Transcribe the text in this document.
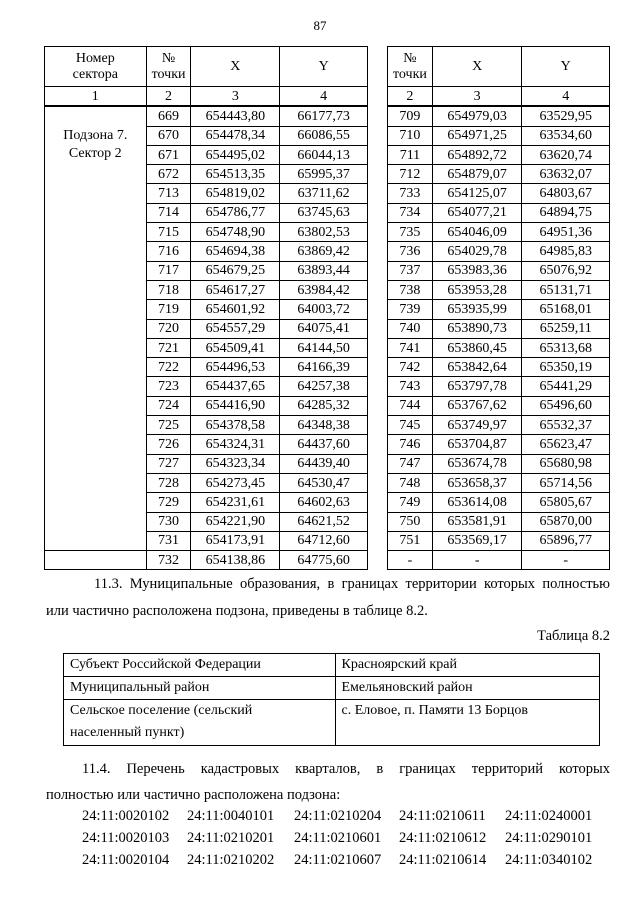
87
Номер
сектора	№
точки	X	Y
1	2	3	4
Подзона 7.
Сектор 2	669	654443,80	66177,73
	670	654478,34	66086,55
	671	654495,02	66044,13
	672	654513,35	65995,37
	713	654819,02	63711,62
	714	654786,77	63745,63
	715	654748,90	63802,53
	716	654694,38	63869,42
	717	654679,25	63893,44
	718	654617,27	63984,42
	719	654601,92	64003,72
	720	654557,29	64075,41
	721	654509,41	64144,50
	722	654496,53	64166,39
	723	654437,65	64257,38
	724	654416,90	64285,32
	725	654378,58	64348,38
	726	654324,31	64437,60
	727	654323,34	64439,40
	728	654273,45	64530,47
	729	654231,61	64602,63
	730	654221,90	64621,52
	731	654173,91	64712,60
	732	654138,86	64775,60
№
точки	X	Y
2	3	4
709	654979,03	63529,95
710	654971,25	63534,60
711	654892,72	63620,74
712	654879,07	63632,07
733	654125,07	64803,67
734	654077,21	64894,75
735	654046,09	64951,36
736	654029,78	64985,83
737	653983,36	65076,92
738	653953,28	65131,71
739	653935,99	65168,01
740	653890,73	65259,11
741	653860,45	65313,68
742	653842,64	65350,19
743	653797,78	65441,29
744	653767,62	65496,60
745	653749,97	65532,37
746	653704,87	65623,47
747	653674,78	65680,98
748	653658,37	65714,56
749	653614,08	65805,67
750	653581,91	65870,00
751	653569,17	65896,77
-	-	-

11.3. Муниципальные образования, в границах территории которых полностью

или частично расположена подзона, приведены в таблице 8.2.

Таблица 8.2

Субъект Российской Федерации	Красноярский край
Муниципальный район	Емельяновский район
Сельское поселение (сельский
населенный пункт)	с. Еловое, п. Памяти 13 Борцов

11.4. Перечень кадастровых кварталов, в границах территорий которых

полностью или частично расположена подзона:

24:11:0020102 24:11:0040101 24:11:0210204 24:11:0210611 24:11:0240001
24:11:0020103 24:11:0210201 24:11:0210601 24:11:0210612 24:11:0290101
24:11:0020104 24:11:0210202 24:11:0210607 24:11:0210614 24:11:0340102
